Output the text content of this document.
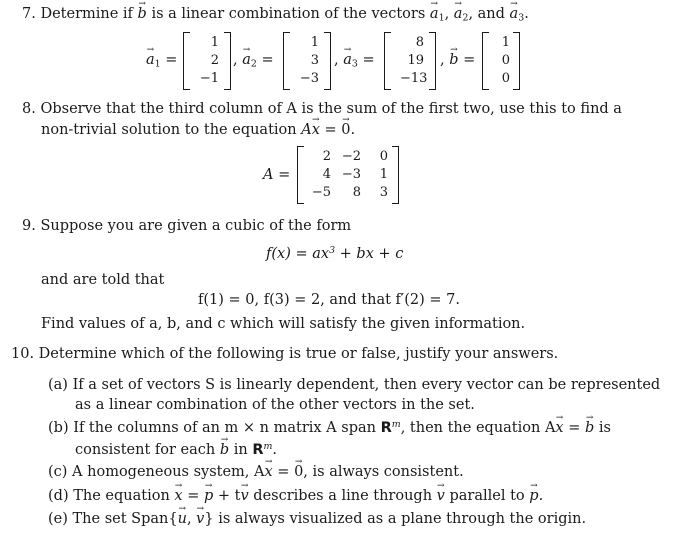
7. Determine if → b is a linear combination of the vectors → $a_1$, → $a_2$, and → $a_3$.
→ $a_1$ =
1
2
−1
, → $a_2$ =
1
3
−3
, → $a_3$ =
8
19
−13
, → b =
1
0
0
8. Observe that the third column of A is the sum of the first two, use this to find a
non-trivial solution to the equation A→ x = → 0.
A =
2 −2	0
4 −3	1
−5	8	3
9. Suppose you are given a cubic of the form
$f(x) = ax^3$ + bx + c
and are told that
f(1) = 0, f(3) = 2, and that f′(2) = 7.
Find values of a, b, and c which will satisfy the given information.
10. Determine which of the following is true or false, justify your answers.
(a) If a set of vectors S is linearly dependent, then every vector can be represented
as a linear combination of the other vectors in the set.
(b) If the columns of an m × n matrix A span $R^m$, then the equation A→ x = → b is
consistent for each → b in $R^m$.
(c) A homogeneous system, A→ x = → 0, is always consistent.
(d) The equation → x = → p + t→ v describes a line through → v parallel to → p.
(e) The set Span{→ u, → v} is always visualized as a plane through the origin.
